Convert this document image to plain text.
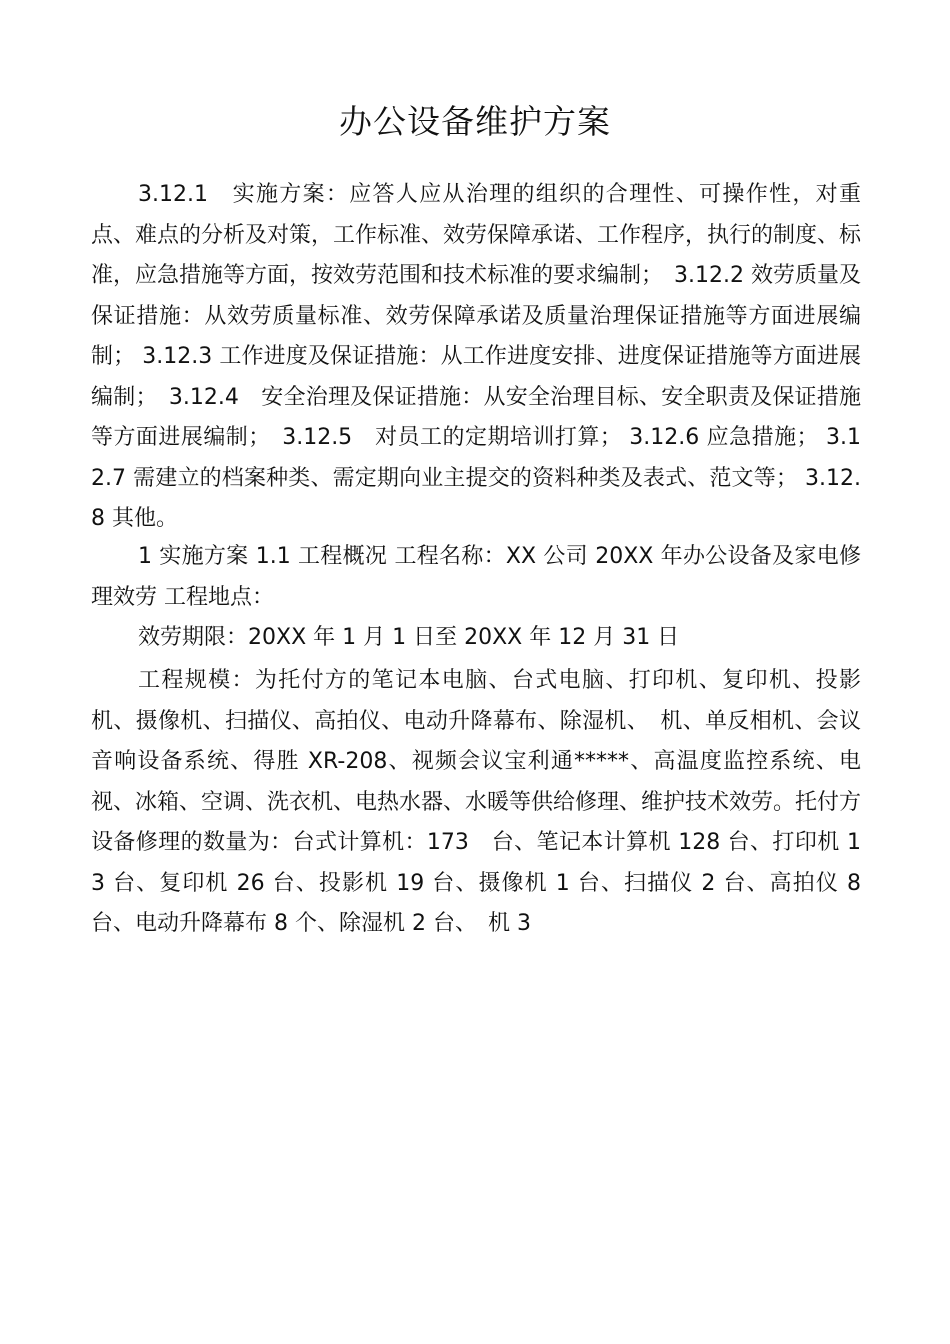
办公设备维护方案

3.12.1　实施方案：应答人应从治理的组织的合理性、可操作性，对重点、难点的分析及对策，工作标准、效劳保障承诺、工作程序，执行的制度、标准，应急措施等方面，按效劳范围和技术标准的要求编制；　3.12.2 效劳质量及保证措施：从效劳质量标准、效劳保障承诺及质量治理保证措施等方面进展编制； 3.12.3 工作进度及保证措施：从工作进度安排、进度保证措施等方面进展编制；　3.12.4　安全治理及保证措施：从安全治理目标、安全职责及保证措施等方面进展编制；　3.12.5　对员工的定期培训打算； 3.12.6 应急措施； 3.12.7 需建立的档案种类、需定期向业主提交的资料种类及表式、范文等； 3.12.8 其他。

1 实施方案 1.1 工程概况 工程名称：XX 公司 20XX 年办公设备及家电修理效劳 工程地点：

效劳期限：20XX 年 1 月 1 日至 20XX 年 12 月 31 日

工程规模：为托付方的笔记本电脑、台式电脑、打印机、复印机、投影机、摄像机、扫描仪、高拍仪、电动升降幕布、除湿机、　机、单反相机、会议音响设备系统、得胜 XR-208、视频会议宝利通*****、高温度监控系统、电视、冰箱、空调、洗衣机、电热水器、水暖等供给修理、维护技术效劳。托付方设备修理的数量为：台式计算机：173　台、笔记本计算机 128 台、打印机 13 台、复印机 26 台、投影机 19 台、摄像机 1 台、扫描仪 2 台、高拍仪 8 台、电动升降幕布 8 个、除湿机 2 台、　机 3
